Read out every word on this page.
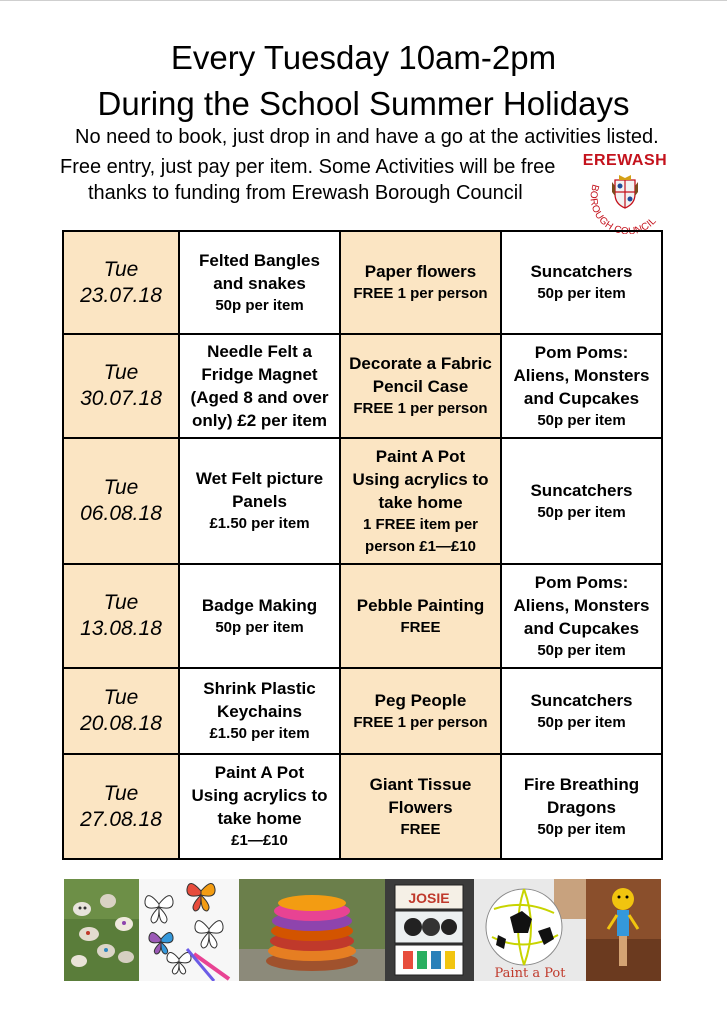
Every Tuesday 10am-2pm
During the School Summer Holidays
No need to book, just drop in and have a go at the activities listed.
Free entry, just pay per item. Some Activities will be free
thanks to funding from Erewash Borough Council
EREWASH
BOROUGH COUNCIL
Tue
23.07.18	Felted Bangles
and snakes
50p per item	Paper flowers
FREE 1 per person	Suncatchers
50p per item

Tue
30.07.18	Needle Felt a
Fridge Magnet
(Aged 8 and over
only) £2 per item	Decorate a Fabric
Pencil Case
FREE 1 per person	Pom Poms:
Aliens, Monsters
and Cupcakes
50p per item

Tue
06.08.18	Wet Felt picture
Panels
£1.50 per item	Paint A Pot
Using acrylics to
take home
1 FREE item per
person £1—£10	Suncatchers
50p per item

Tue
13.08.18	Badge Making
50p per item	Pebble Painting
FREE	Pom Poms:
Aliens, Monsters
and Cupcakes
50p per item

Tue
20.08.18	Shrink Plastic
Keychains
£1.50 per item	Peg People
FREE 1 per person	Suncatchers
50p per item

Tue
27.08.18	Paint A Pot
Using acrylics to
take home
£1—£10	Giant Tissue
Flowers
FREE	Fire Breathing
Dragons
50p per item
JOSIE
Paint a Pot
